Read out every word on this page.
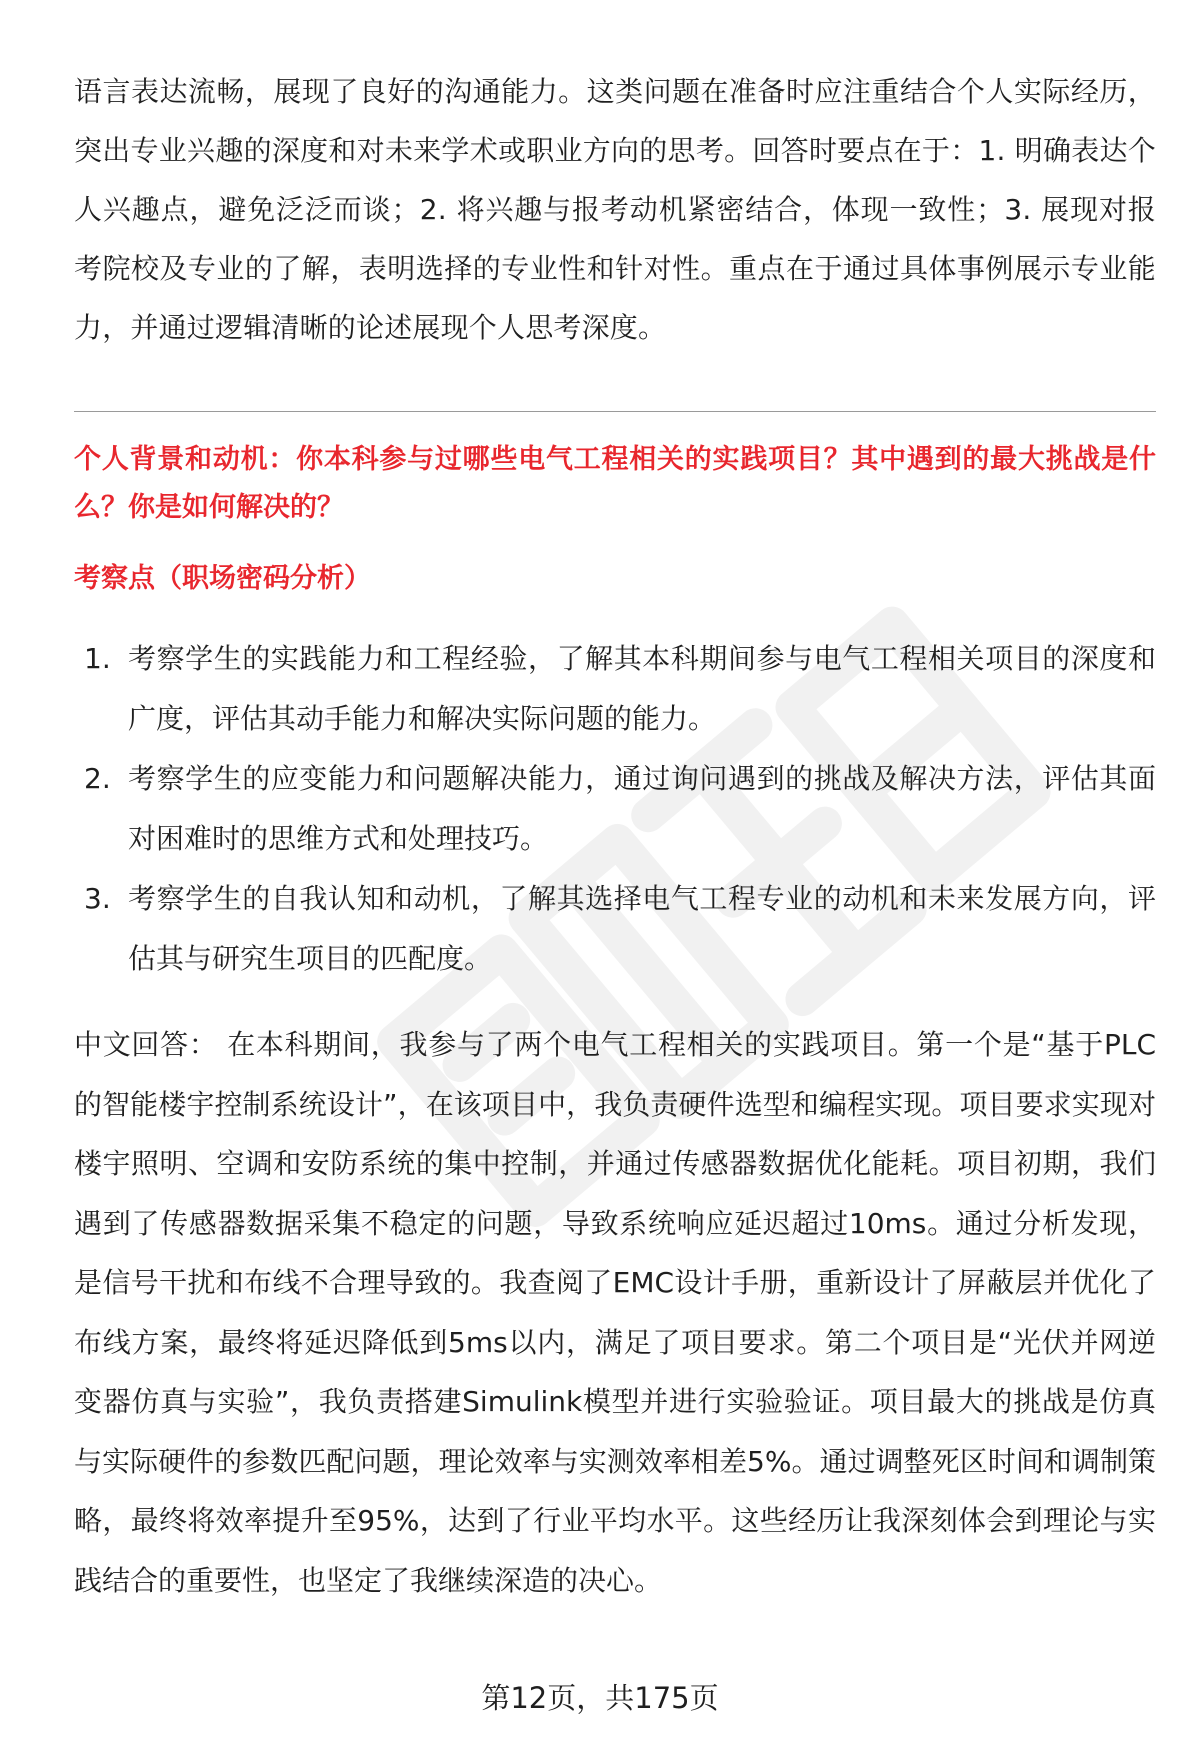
语言表达流畅，展现了良好的沟通能力。这类问题在准备时应注重结合个人实际经历，突出专业兴趣的深度和对未来学术或职业方向的思考。回答时要点在于：1. 明确表达个人兴趣点，避免泛泛而谈；2. 将兴趣与报考动机紧密结合，体现一致性；3. 展现对报考院校及专业的了解，表明选择的专业性和针对性。重点在于通过具体事例展示专业能力，并通过逻辑清晰的论述展现个人思考深度。

个人背景和动机：你本科参与过哪些电气工程相关的实践项目？其中遇到的最大挑战是什么？你是如何解决的？

考察点（职场密码分析）

1. 考察学生的实践能力和工程经验，了解其本科期间参与电气工程相关项目的深度和广度，评估其动手能力和解决实际问题的能力。
2. 考察学生的应变能力和问题解决能力，通过询问遇到的挑战及解决方法，评估其面对困难时的思维方式和处理技巧。
3. 考察学生的自我认知和动机，了解其选择电气工程专业的动机和未来发展方向，评估其与研究生项目的匹配度。

中文回答： 在本科期间，我参与了两个电气工程相关的实践项目。第一个是“基于PLC的智能楼宇控制系统设计”，在该项目中，我负责硬件选型和编程实现。项目要求实现对楼宇照明、空调和安防系统的集中控制，并通过传感器数据优化能耗。项目初期，我们遇到了传感器数据采集不稳定的问题，导致系统响应延迟超过10ms。通过分析发现，是信号干扰和布线不合理导致的。我查阅了EMC设计手册，重新设计了屏蔽层并优化了布线方案，最终将延迟降低到5ms以内，满足了项目要求。第二个项目是“光伏并网逆变器仿真与实验”，我负责搭建Simulink模型并进行实验验证。项目最大的挑战是仿真与实际硬件的参数匹配问题，理论效率与实测效率相差5%。通过调整死区时间和调制策略，最终将效率提升至95%，达到了行业平均水平。这些经历让我深刻体会到理论与实践结合的重要性，也坚定了我继续深造的决心。

第12页，共175页
